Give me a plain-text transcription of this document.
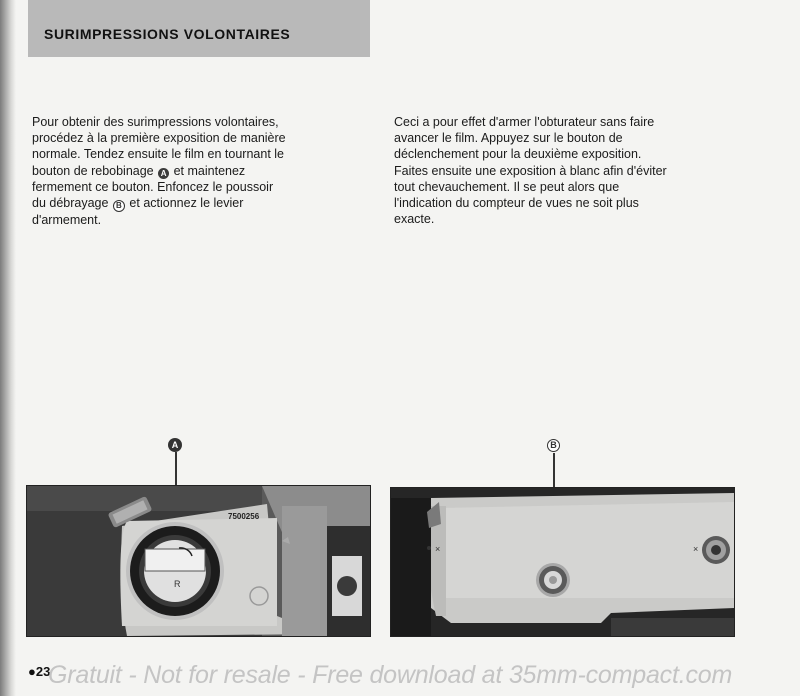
SURIMPRESSIONS VOLONTAIRES
Pour obtenir des surimpressions volontaires,
procédez à la première exposition de manière
normale. Tendez ensuite le film en tournant le
bouton de rebobinage A et maintenez
fermement ce bouton. Enfoncez le poussoir
du débrayage B et actionnez le levier
d'armement.
Ceci a pour effet d'armer l'obturateur sans faire
avancer le film. Appuyez sur le bouton de
déclenchement pour la deuxième exposition.
Faites ensuite une exposition à blanc afin d'éviter
tout chevauchement. Il se peut alors que
l'indication du compteur de vues ne soit plus
exacte.
A	B
R
7500256
×	×
●23
Gratuit - Not for resale - Free download at 35mm-compact.com
